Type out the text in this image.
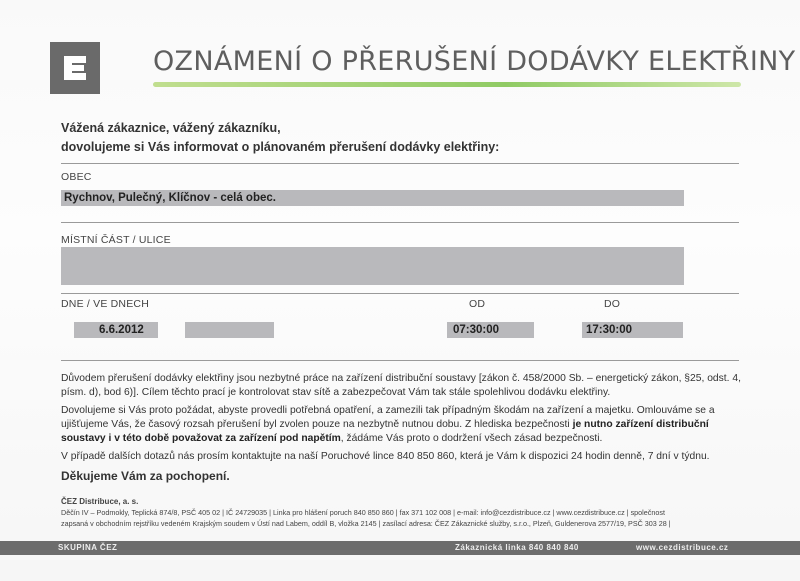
OZNÁMENÍ O PŘERUŠENÍ DODÁVKY ELEKTŘINY
Vážená zákaznice, vážený zákazníku,
dovolujeme si Vás informovat o plánovaném přerušení dodávky elektřiny:
OBEC
Rychnov, Pulečný, Klíčnov - celá obec.
MÍSTNÍ ČÁST / ULICE
DNE / VE DNECH	OD	DO
6.6.2012	07:30:00	17:30:00
Důvodem přerušení dodávky elektřiny jsou nezbytné práce na zařízení distribuční soustavy [zákon č. 458/2000 Sb. – energetický zákon, §25, odst. 4, písm. d), bod 6)]. Cílem těchto prací je kontrolovat stav sítě a zabezpečovat Vám tak stále spolehlivou dodávku elektřiny.
Dovolujeme si Vás proto požádat, abyste provedli potřebná opatření, a zamezili tak případným škodám na zařízení a majetku. Omlouváme se a ujišťujeme Vás, že časový rozsah přerušení byl zvolen pouze na nezbytně nutnou dobu. Z hlediska bezpečnosti je nutno zařízení distribuční soustavy i v této době považovat za zařízení pod napětím, žádáme Vás proto o dodržení všech zásad bezpečnosti.
V případě dalších dotazů nás prosím kontaktujte na naší Poruchové lince 840 850 860, která je Vám k dispozici 24 hodin denně, 7 dní v týdnu.
Děkujeme Vám za pochopení.
ČEZ Distribuce, a. s.
Děčín IV – Podmokly, Teplická 874/8, PSČ 405 02 | IČ 24729035 | Linka pro hlášení poruch 840 850 860 | fax 371 102 008 | e-mail: info@cezdistribuce.cz | www.cezdistribuce.cz | společnost
zapsaná v obchodním rejstříku vedeném Krajským soudem v Ústí nad Labem, oddíl B, vložka 2145 | zasílací adresa: ČEZ Zákaznické služby, s.r.o., Plzeň, Guldenerova 2577/19, PSČ 303 28 |
SKUPINA ČEZ	Zákaznická linka 840 840 840	www.cezdistribuce.cz
